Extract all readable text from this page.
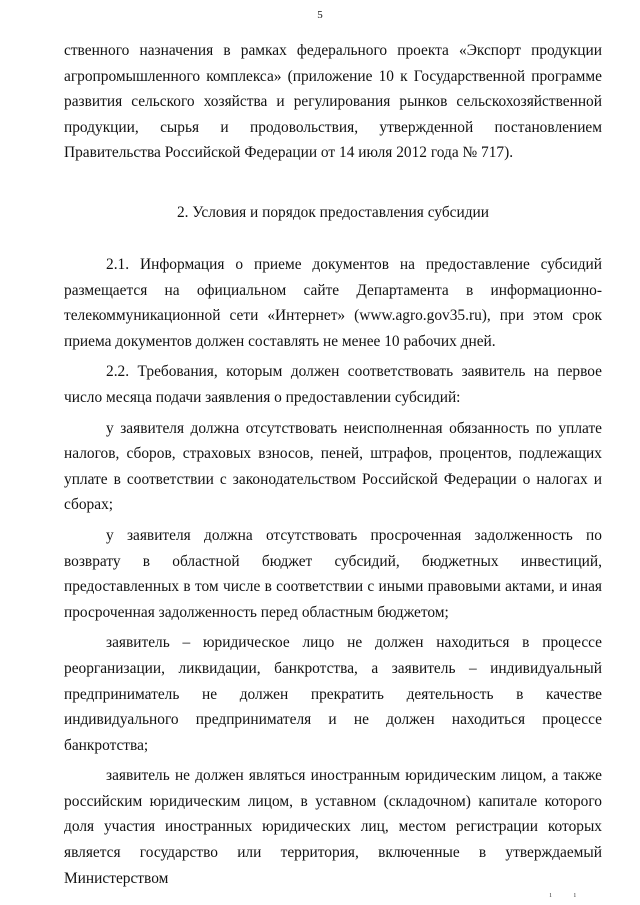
5

ственного назначения в рамках федерального проекта «Экспорт продукции агропромышленного комплекса» (приложение 10 к Государственной программе развития сельского хозяйства и регулирования рынков сельскохозяйственной продукции, сырья и продовольствия, утвержденной постановлением Правительства Российской Федерации от 14 июля 2012 года № 717).

2. Условия и порядок предоставления субсидии

2.1. Информация о приеме документов на предоставление субсидий размещается на официальном сайте Департамента в информационно- телекоммуникационной сети «Интернет» (www.agro.gov35.ru), при этом срок приема документов должен составлять не менее 10 рабочих дней.

2.2. Требования, которым должен соответствовать заявитель на первое число месяца подачи заявления о предоставлении субсидий:

у заявителя должна отсутствовать неисполненная обязанность по уплате налогов, сборов, страховых взносов, пеней, штрафов, процентов, подлежащих уплате в соответствии с законодательством Российской Федерации о налогах и сборах;

у заявителя должна отсутствовать просроченная задолженность по возврату в областной бюджет субсидий, бюджетных инвестиций, предоставленных в том числе в соответствии с иными правовыми актами, и иная просроченная задолженность перед областным бюджетом;

заявитель – юридическое лицо не должен находиться в процессе реорганизации, ликвидации, банкротства, а заявитель – индивидуальный предприниматель не должен прекратить деятельность в качестве индивидуального предпринимателя и не должен находиться процессе банкротства;

заявитель не должен являться иностранным юридическим лицом, а также российским юридическим лицом, в уставном (складочном) капитале которого доля участия иностранных юридических лиц, местом регистрации которых является государство или территория, включенные в утверждаемый Министерством

ı ı
